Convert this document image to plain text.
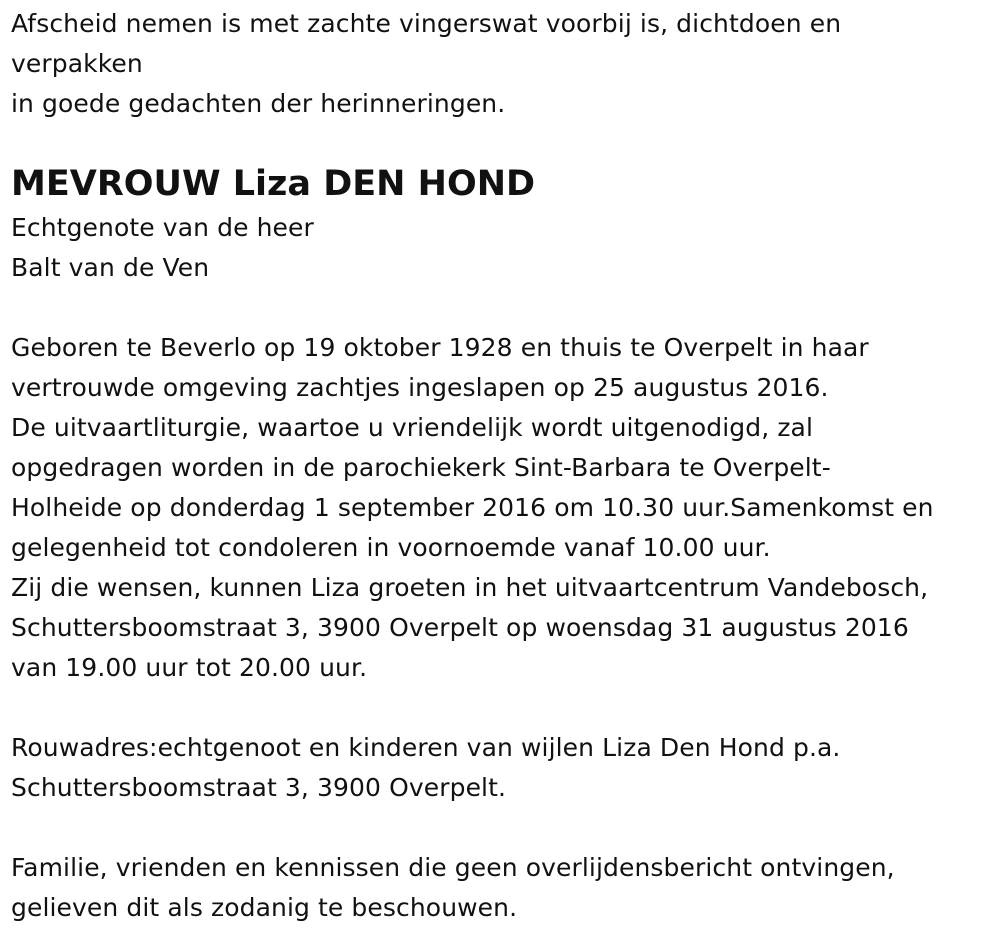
Afscheid nemen is met zachte vingerswat voorbij is, dichtdoen en
verpakken
in goede gedachten der herinneringen.
MEVROUW Liza DEN HOND
Echtgenote van de heer
Balt van de Ven
Geboren te Beverlo op 19 oktober 1928 en thuis te Overpelt in haar
vertrouwde omgeving zachtjes ingeslapen op 25 augustus 2016.
De uitvaartliturgie, waartoe u vriendelijk wordt uitgenodigd, zal
opgedragen worden in de parochiekerk Sint-Barbara te Overpelt-
Holheide op donderdag 1 september 2016 om 10.30 uur.Samenkomst en
gelegenheid tot condoleren in voornoemde vanaf 10.00 uur.
Zij die wensen, kunnen Liza groeten in het uitvaartcentrum Vandebosch,
Schuttersboomstraat 3, 3900 Overpelt op woensdag 31 augustus 2016
van 19.00 uur tot 20.00 uur.
Rouwadres:echtgenoot en kinderen van wijlen Liza Den Hond p.a.
Schuttersboomstraat 3, 3900 Overpelt.
Familie, vrienden en kennissen die geen overlijdensbericht ontvingen,
gelieven dit als zodanig te beschouwen.
